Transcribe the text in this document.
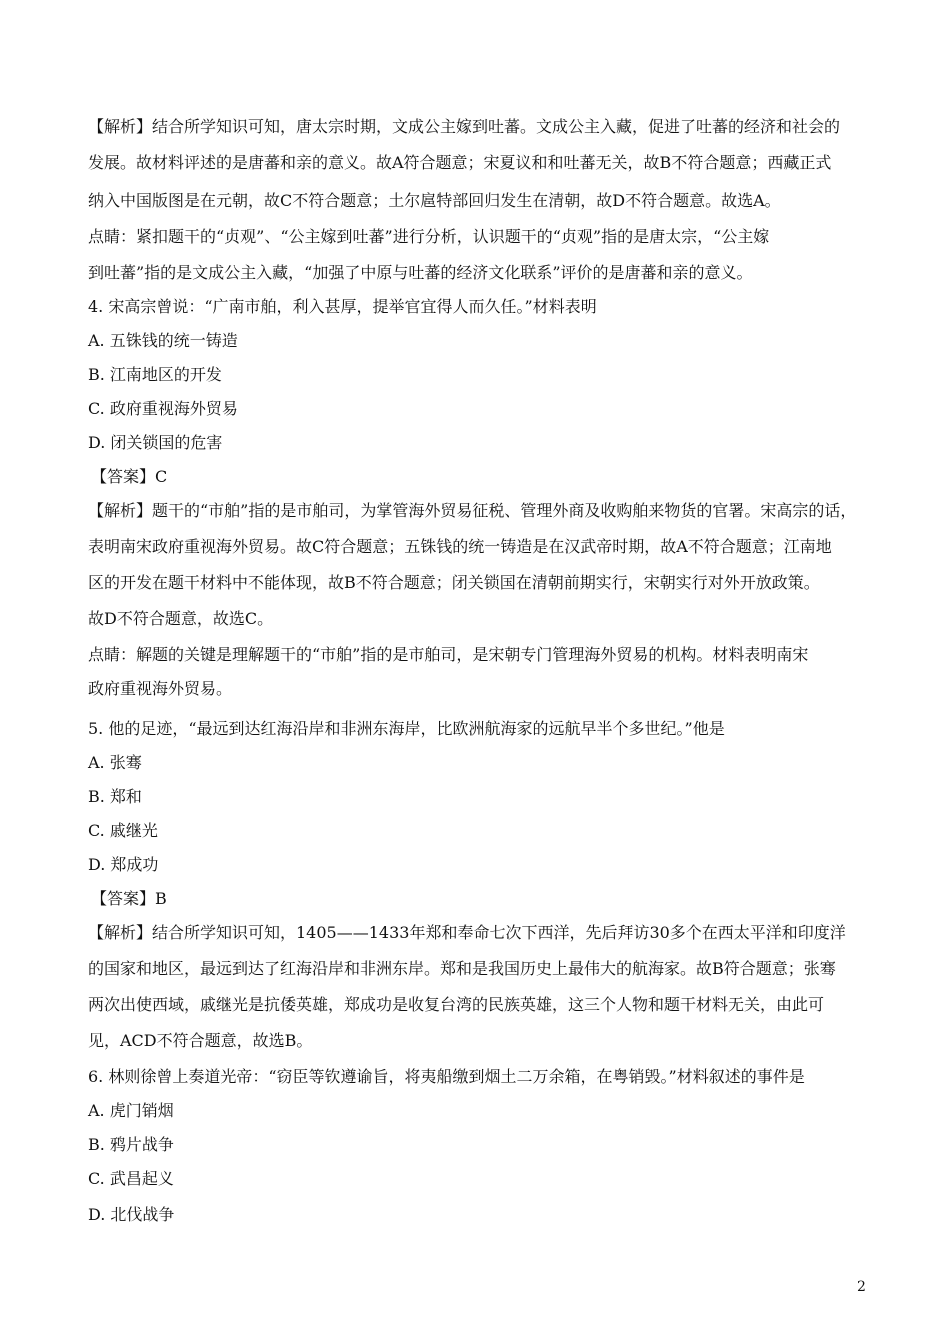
【解析】结合所学知识可知，唐太宗时期，文成公主嫁到吐蕃。文成公主入藏，促进了吐蕃的经济和社会的
发展。故材料评述的是唐蕃和亲的意义。故A符合题意；宋夏议和和吐蕃无关，故B不符合题意；西藏正式
纳入中国版图是在元朝，故C不符合题意；土尔扈特部回归发生在清朝，故D不符合题意。故选A。
点睛：紧扣题干的“贞观”、“公主嫁到吐蕃”进行分析，认识题干的“贞观”指的是唐太宗，“公主嫁
到吐蕃”指的是文成公主入藏，“加强了中原与吐蕃的经济文化联系”评价的是唐蕃和亲的意义。
4. 宋高宗曾说：“广南市舶，利入甚厚，提举官宜得人而久任。”材料表明
A. 五铢钱的统一铸造
B. 江南地区的开发
C. 政府重视海外贸易
D. 闭关锁国的危害
【答案】C
【解析】题干的“市舶”指的是市舶司，为掌管海外贸易征税、管理外商及收购舶来物货的官署。宋高宗的话，
表明南宋政府重视海外贸易。故C符合题意；五铢钱的统一铸造是在汉武帝时期，故A不符合题意；江南地
区的开发在题干材料中不能体现，故B不符合题意；闭关锁国在清朝前期实行，宋朝实行对外开放政策。
故D不符合题意，故选C。
点睛：解题的关键是理解题干的“市舶”指的是市舶司，是宋朝专门管理海外贸易的机构。材料表明南宋
政府重视海外贸易。
5. 他的足迹，“最远到达红海沿岸和非洲东海岸，比欧洲航海家的远航早半个多世纪。”他是
A. 张骞
B. 郑和
C. 戚继光
D. 郑成功
【答案】B
【解析】结合所学知识可知，1405——1433年郑和奉命七次下西洋，先后拜访30多个在西太平洋和印度洋
的国家和地区，最远到达了红海沿岸和非洲东岸。郑和是我国历史上最伟大的航海家。故B符合题意；张骞
两次出使西域，戚继光是抗倭英雄，郑成功是收复台湾的民族英雄，这三个人物和题干材料无关，由此可
见，ACD不符合题意，故选B。
6. 林则徐曾上奏道光帝：“窃臣等钦遵谕旨，将夷船缴到烟土二万余箱，在粤销毁。”材料叙述的事件是
A. 虎门销烟
B. 鸦片战争
C. 武昌起义
D. 北伐战争
2
